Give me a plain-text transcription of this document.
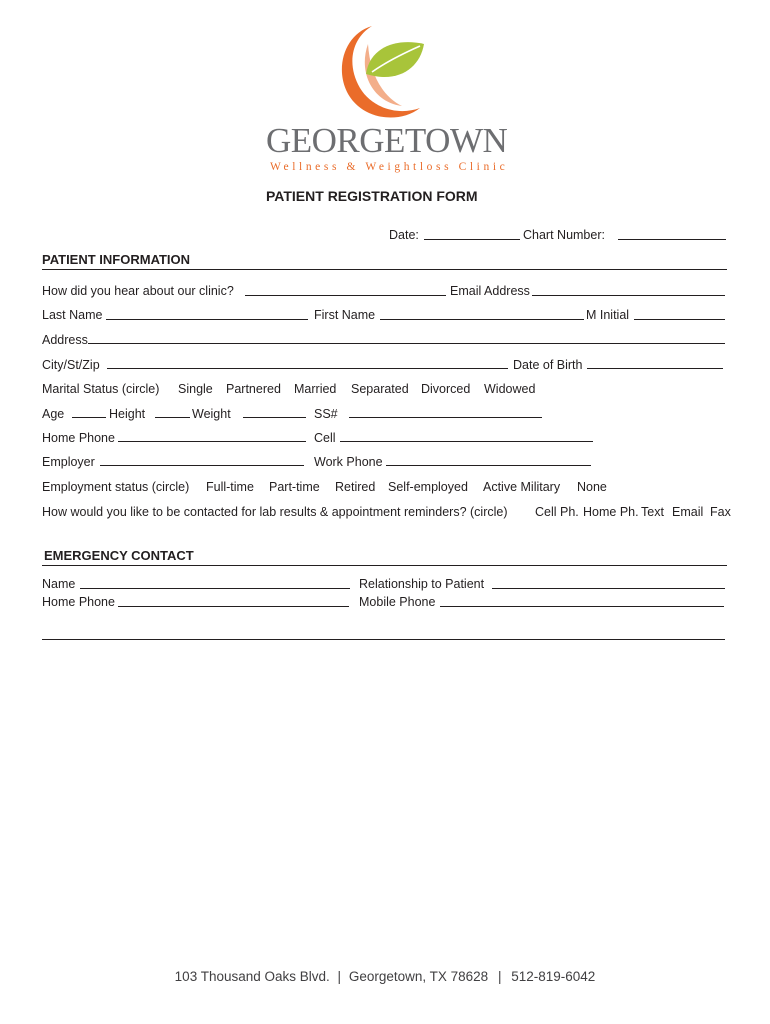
GEORGETOWN
Wellness & Weightloss Clinic
PATIENT REGISTRATION FORM
Date:	Chart Number:
PATIENT INFORMATION
How did you hear about our clinic?	Email Address
Last Name	First Name	M Initial
Address
City/St/Zip	Date of Birth
Marital Status (circle) Single Partnered Married Separated Divorced Widowed
Age	Height	Weight	SS#
Home Phone	Cell
Employer	Work Phone
Employment status (circle) Full-time Part-time Retired Self-employed Active Military None
How would you like to be contacted for lab results & appointment reminders? (circle) Cell Ph. Home Ph. Text Email Fax
EMERGENCY CONTACT
Name	Relationship to Patient
Home Phone	Mobile Phone
103 Thousand Oaks Blvd. | Georgetown, TX 78628 | 512-819-6042
